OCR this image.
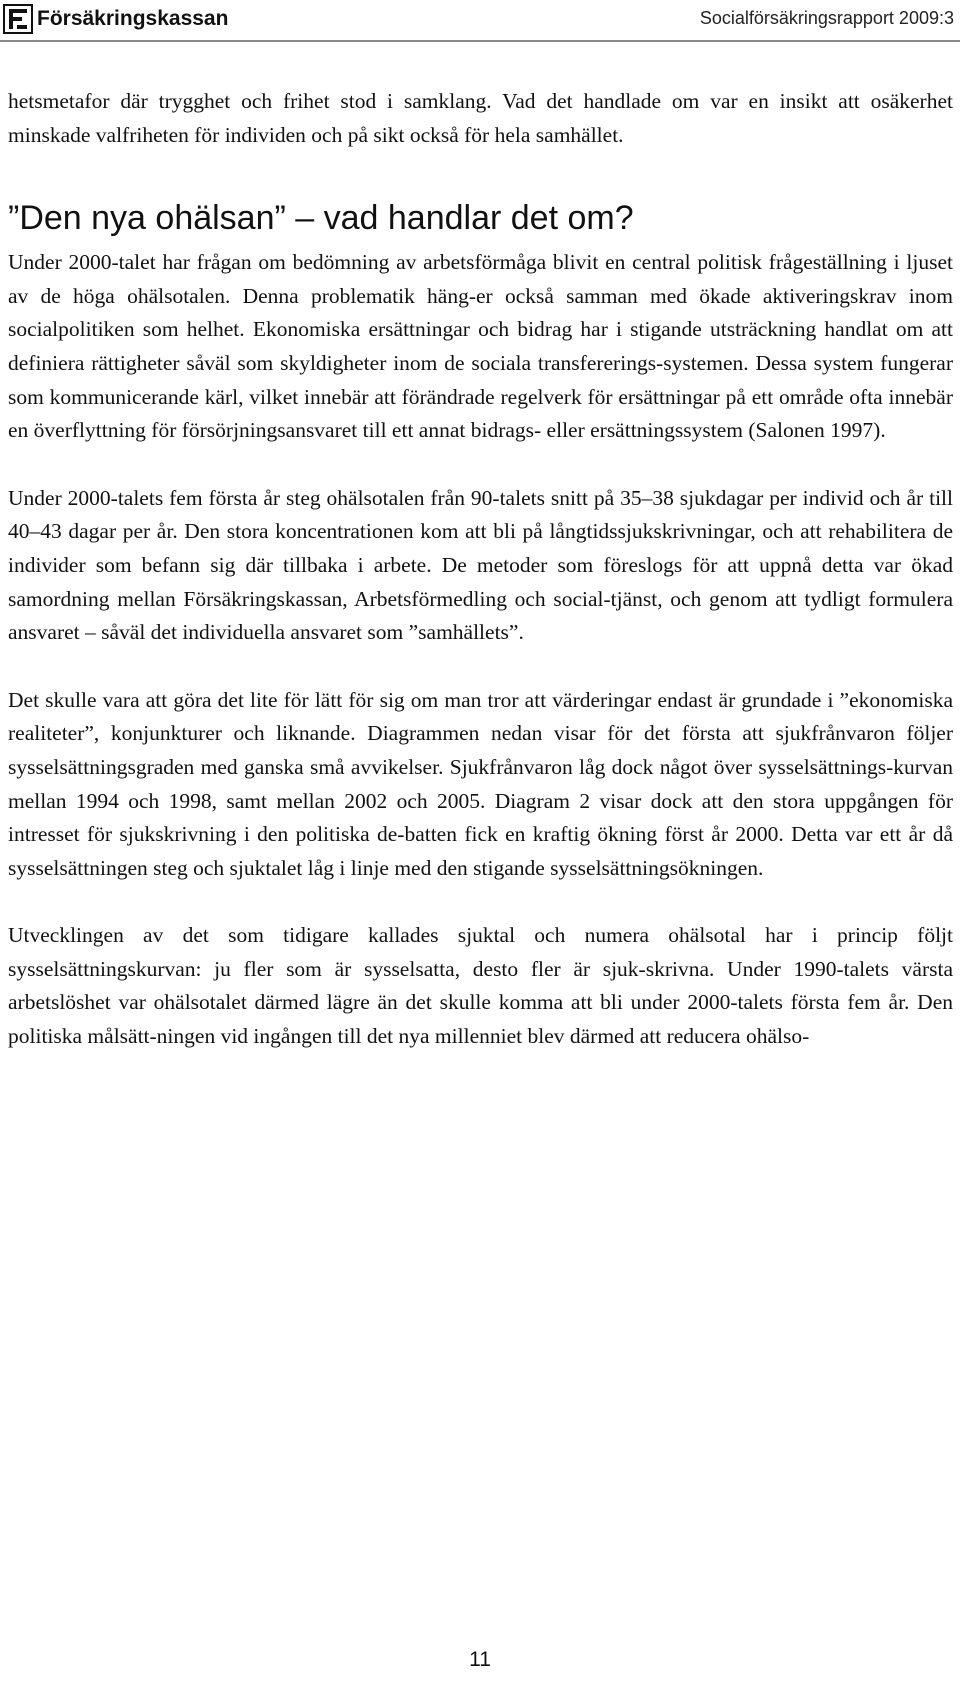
Försäkringskassan	Socialförsäkringsrapport 2009:3

hetsmetafor där trygghet och frihet stod i samklang. Vad det handlade om var en insikt att osäkerhet minskade valfriheten för individen och på sikt också för hela samhället.

”Den nya ohälsan” – vad handlar det om?

Under 2000-talet har frågan om bedömning av arbetsförmåga blivit en central politisk frågeställning i ljuset av de höga ohälsotalen. Denna problematik häng-er också samman med ökade aktiveringskrav inom socialpolitiken som helhet. Ekonomiska ersättningar och bidrag har i stigande utsträckning handlat om att definiera rättigheter såväl som skyldigheter inom de sociala transfererings-systemen. Dessa system fungerar som kommunicerande kärl, vilket innebär att förändrade regelverk för ersättningar på ett område ofta innebär en överflyttning för försörjningsansvaret till ett annat bidrags- eller ersättningssystem (Salonen 1997).

Under 2000-talets fem första år steg ohälsotalen från 90-talets snitt på 35–38 sjukdagar per individ och år till 40–43 dagar per år. Den stora koncentrationen kom att bli på långtidssjukskrivningar, och att rehabilitera de individer som befann sig där tillbaka i arbete. De metoder som föreslogs för att uppnå detta var ökad samordning mellan Försäkringskassan, Arbetsförmedling och social-tjänst, och genom att tydligt formulera ansvaret – såväl det individuella ansvaret som ”samhällets”.

Det skulle vara att göra det lite för lätt för sig om man tror att värderingar endast är grundade i ”ekonomiska realiteter”, konjunkturer och liknande. Diagrammen nedan visar för det första att sjukfrånvaron följer sysselsättningsgraden med ganska små avvikelser. Sjukfrånvaron låg dock något över sysselsättnings-kurvan mellan 1994 och 1998, samt mellan 2002 och 2005. Diagram 2 visar dock att den stora uppgången för intresset för sjukskrivning i den politiska de-batten fick en kraftig ökning först år 2000. Detta var ett år då sysselsättningen steg och sjuktalet låg i linje med den stigande sysselsättningsökningen.

Utvecklingen av det som tidigare kallades sjuktal och numera ohälsotal har i princip följt sysselsättningskurvan: ju fler som är sysselsatta, desto fler är sjuk-skrivna. Under 1990-talets värsta arbetslöshet var ohälsotalet därmed lägre än det skulle komma att bli under 2000-talets första fem år. Den politiska målsätt-ningen vid ingången till det nya millenniet blev därmed att reducera ohälso-

11
